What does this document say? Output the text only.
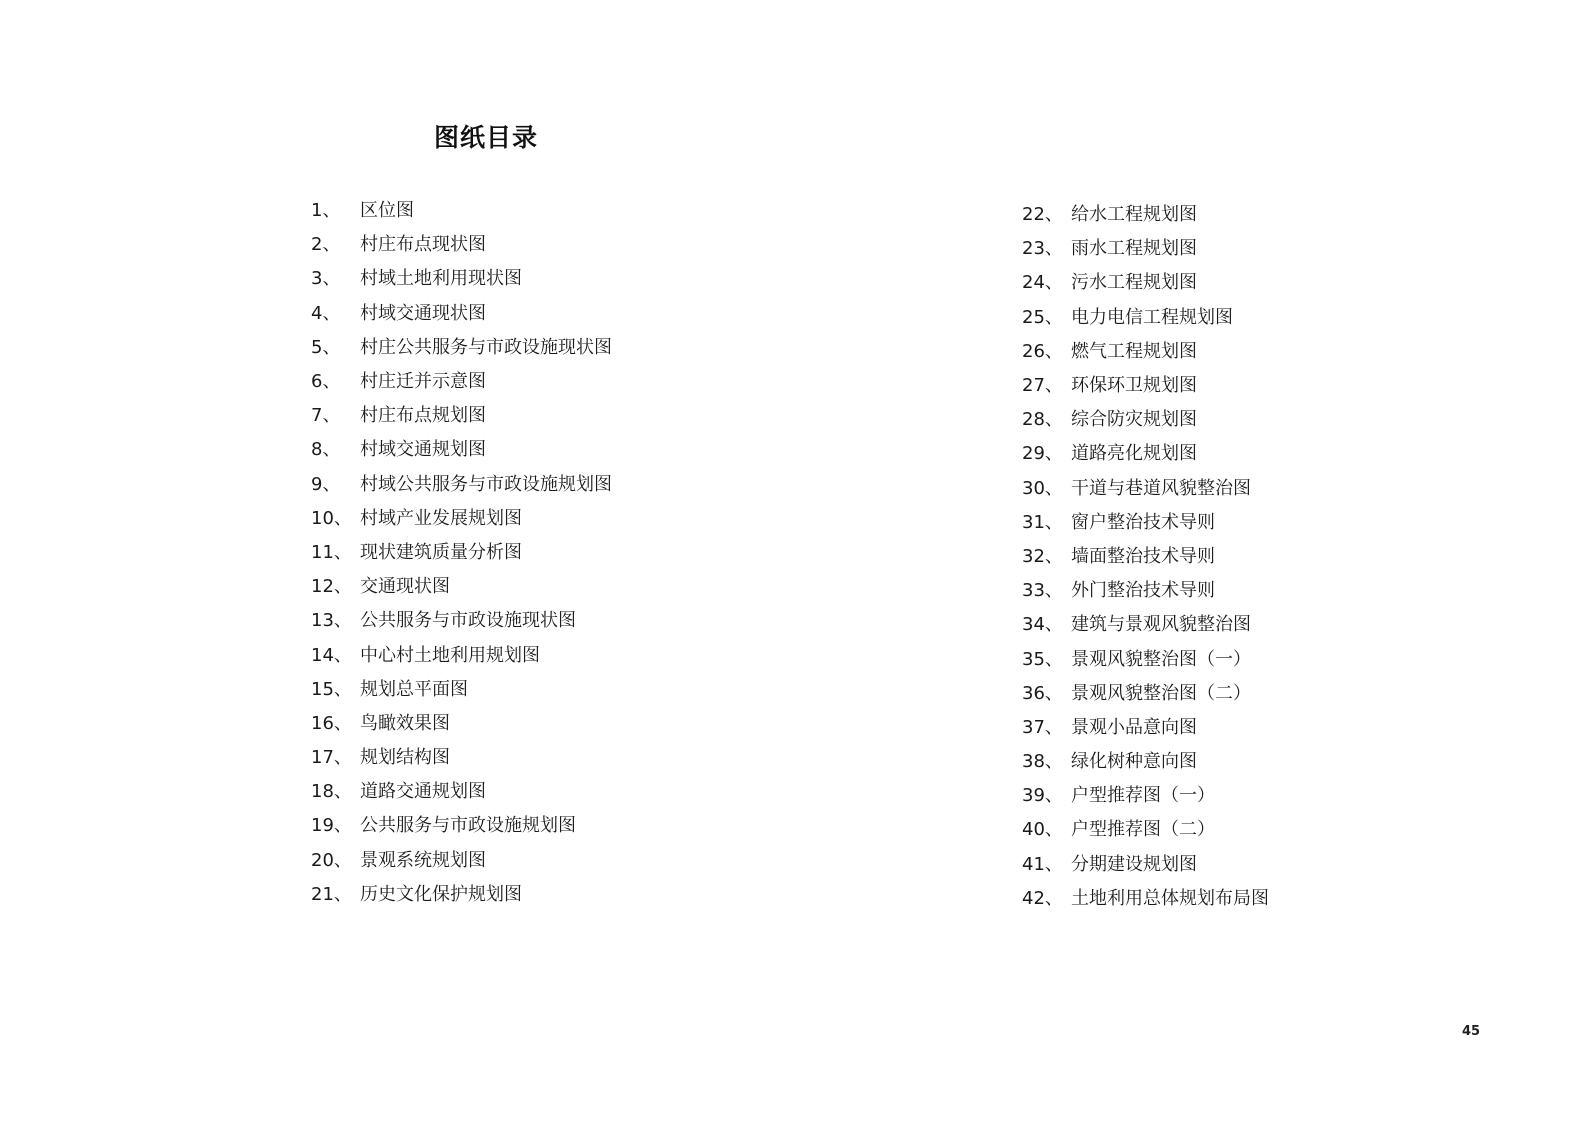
图纸目录
1、	区位图
2、	村庄布点现状图
3、	村域土地利用现状图
4、	村域交通现状图
5、	村庄公共服务与市政设施现状图
6、	村庄迁并示意图
7、	村庄布点规划图
8、	村域交通规划图
9、	村域公共服务与市政设施规划图
10、 村域产业发展规划图
11、 现状建筑质量分析图
12、 交通现状图
13、 公共服务与市政设施现状图
14、 中心村土地利用规划图
15、 规划总平面图
16、 鸟瞰效果图
17、 规划结构图
18、 道路交通规划图
19、 公共服务与市政设施规划图
20、 景观系统规划图
21、 历史文化保护规划图
22、 给水工程规划图
23、 雨水工程规划图
24、 污水工程规划图
25、 电力电信工程规划图
26、 燃气工程规划图
27、 环保环卫规划图
28、 综合防灾规划图
29、 道路亮化规划图
30、 干道与巷道风貌整治图
31、 窗户整治技术导则
32、 墙面整治技术导则
33、 外门整治技术导则
34、 建筑与景观风貌整治图
35、 景观风貌整治图（一）
36、 景观风貌整治图（二）
37、 景观小品意向图
38、 绿化树种意向图
39、 户型推荐图（一）
40、 户型推荐图（二）
41、 分期建设规划图
42、 土地利用总体规划布局图
45
